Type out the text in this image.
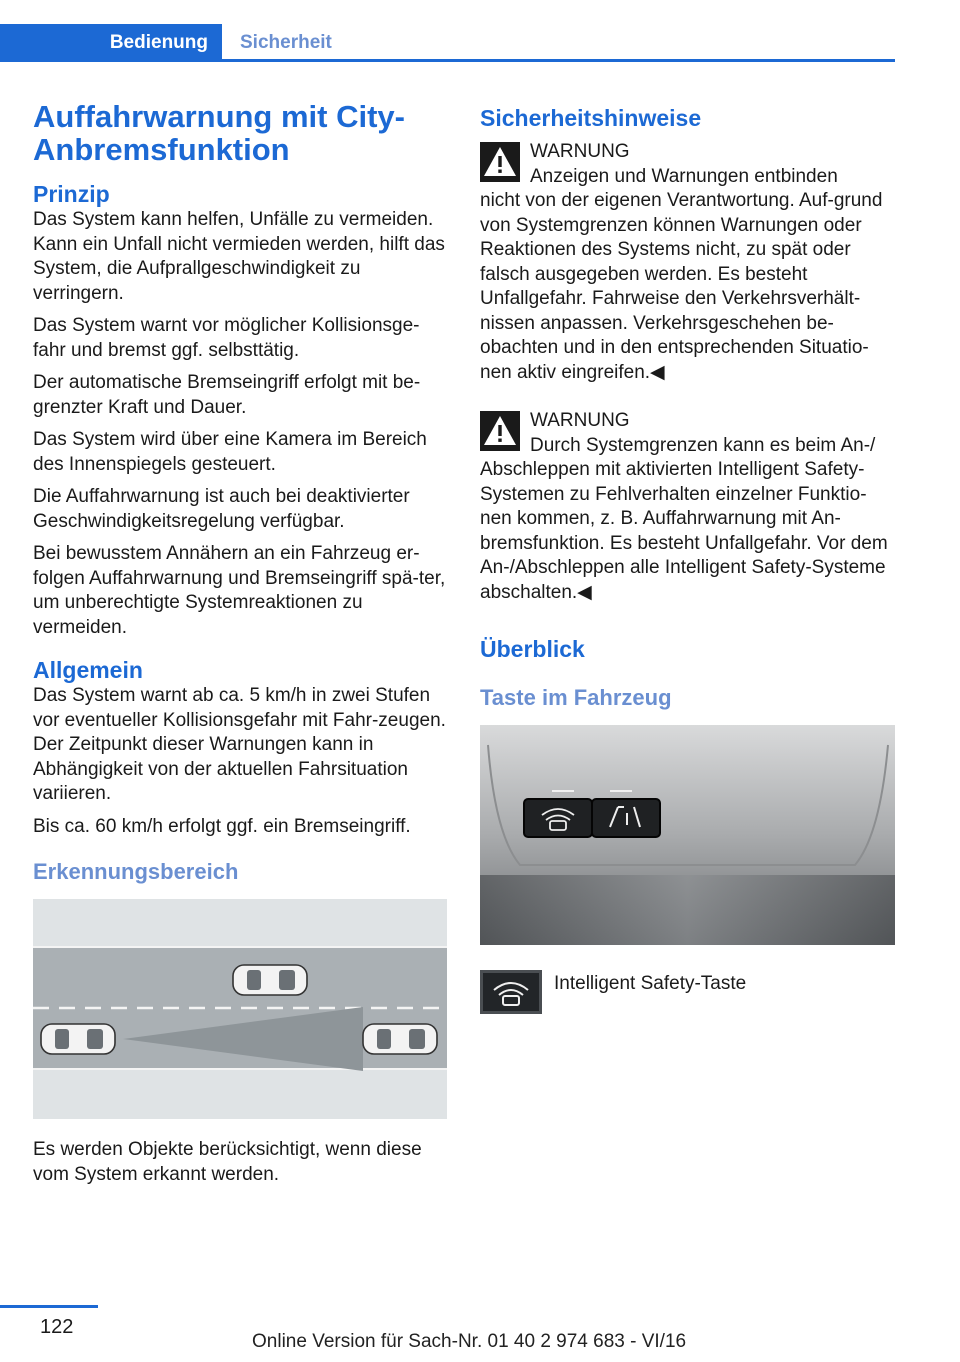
Bedienung	Sicherheit
Auffahrwarnung mit City-
Anbremsfunktion
Prinzip

Das System kann helfen, Unfälle zu vermeiden. Kann ein Unfall nicht vermieden werden, hilft das System, die Aufprallgeschwindigkeit zu verringern.

Das System warnt vor möglicher Kollisionsge-fahr und bremst ggf. selbsttätig.

Der automatische Bremseingriff erfolgt mit be-grenzter Kraft und Dauer.

Das System wird über eine Kamera im Bereich des Innenspiegels gesteuert.

Die Auffahrwarnung ist auch bei deaktivierter Geschwindigkeitsregelung verfügbar.

Bei bewusstem Annähern an ein Fahrzeug er-folgen Auffahrwarnung und Bremseingriff spä-ter, um unberechtigte Systemreaktionen zu vermeiden.

Allgemein

Das System warnt ab ca. 5 km/h in zwei Stufen vor eventueller Kollisionsgefahr mit Fahr-zeugen. Der Zeitpunkt dieser Warnungen kann in Abhängigkeit von der aktuellen Fahrsituation variieren.

Bis ca. 60 km/h erfolgt ggf. ein Bremseingriff.

Erkennungsbereich

Es werden Objekte berücksichtigt, wenn diese vom System erkannt werden.

Sicherheitshinweise
WARNUNG
Anzeigen und Warnungen entbinden

nicht von der eigenen Verantwortung. Auf-grund von Systemgrenzen können Warnungen oder Reaktionen des Systems nicht, zu spät oder falsch ausgegeben werden. Es besteht Unfallgefahr. Fahrweise den Verkehrsverhält-nissen anpassen. Verkehrsgeschehen be-obachten und in den entsprechenden Situatio-nen aktiv eingreifen.◀

WARNUNG
Durch Systemgrenzen kann es beim An-/

Abschleppen mit aktivierten Intelligent Safety-Systemen zu Fehlverhalten einzelner Funktio-nen kommen, z. B. Auffahrwarnung mit An-bremsfunktion. Es besteht Unfallgefahr. Vor dem An-/Abschleppen alle Intelligent Safety-Systeme abschalten.◀

Überblick
Taste im Fahrzeug

Intelligent Safety-Taste

122
Online Version für Sach-Nr. 01 40 2 974 683 - VI/16
